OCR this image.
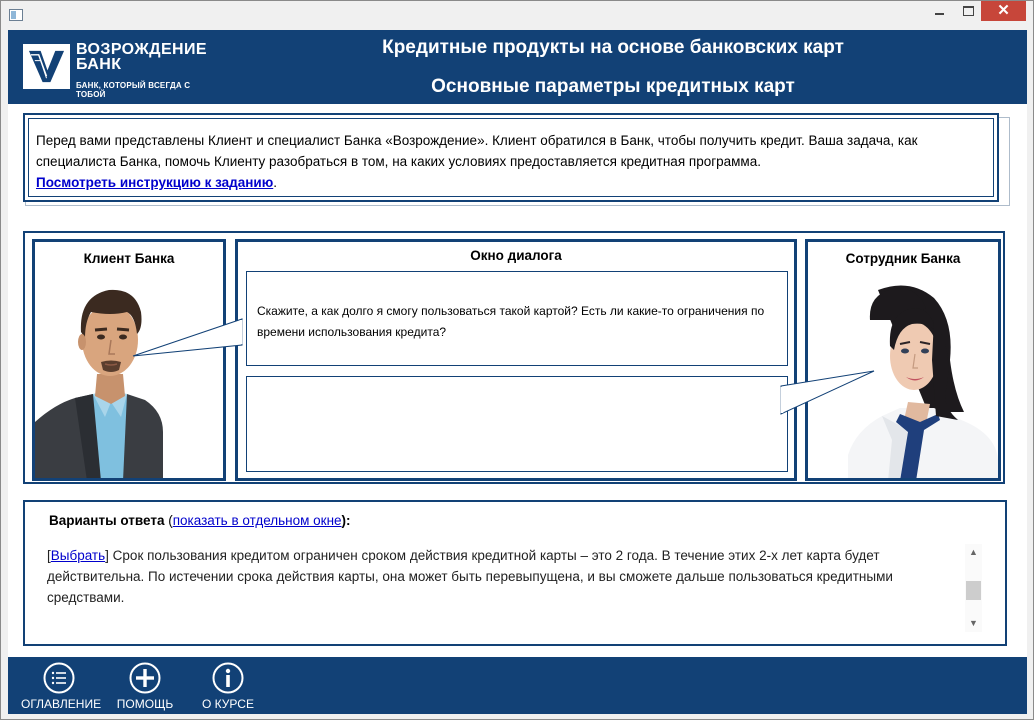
✕
ВОЗРОЖДЕНИЕ
БАНК
БАНК, КОТОРЫЙ ВСЕГДА С ТОБОЙ
Кредитные продукты на основе банковских карт
Основные параметры кредитных карт
Перед вами представлены Клиент и специалист Банка «Возрождение». Клиент обратился в Банк, чтобы получить кредит. Ваша задача, как специалиста Банка, помочь Клиенту разобраться в том, на каких условиях предоставляется кредитная программа.
Посмотреть инструкцию к заданию.
Клиент Банка	Окно диалога
Скажите, а как долго я смогу пользоваться такой картой? Есть ли какие-то ограничения по времени использования кредита?
Сотрудник Банка
Варианты ответа (показать в отдельном окне):
[Выбрать] Срок пользования кредитом ограничен сроком действия кредитной карты – это 2 года. В течение этих 2-х лет карта будет действительна. По истечении срока действия карты, она может быть перевыпущена, и вы сможете дальше пользоваться кредитными средствами.
▲
▼
ОГЛАВЛЕНИЕ ПОМОЩЬ	О КУРСЕ
